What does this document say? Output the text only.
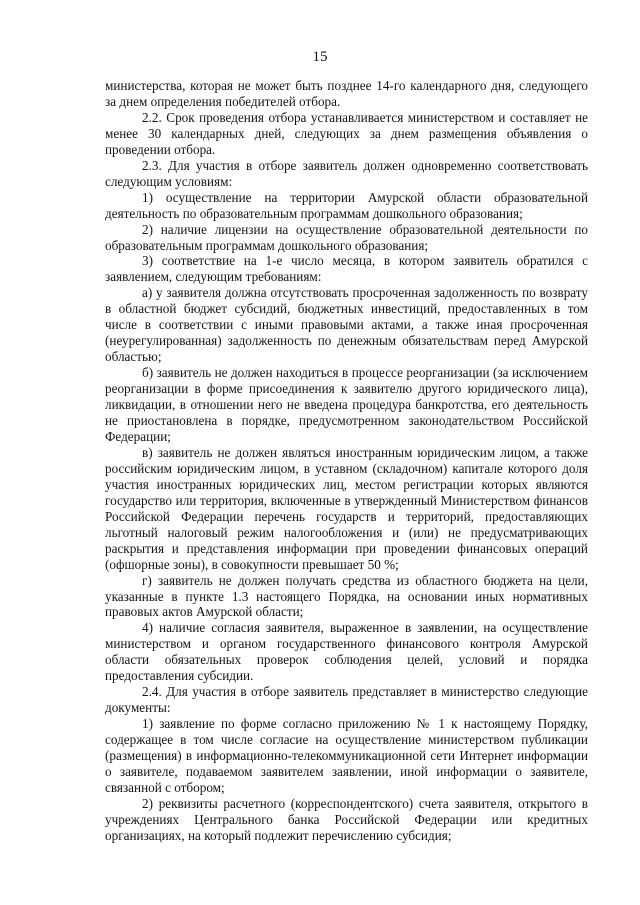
15

министерства, которая не может быть позднее 14-го календарного дня, следующего за днем определения победителей отбора.

2.2. Срок проведения отбора устанавливается министерством и составляет не менее 30 календарных дней, следующих за днем размещения объявления о проведении отбора.

2.3. Для участия в отборе заявитель должен одновременно соответствовать следующим условиям:

1) осуществление на территории Амурской области образовательной деятельность по образовательным программам дошкольного образования;

2) наличие лицензии на осуществление образовательной деятельности по образовательным программам дошкольного образования;

3) соответствие на 1-е число месяца, в котором заявитель обратился с заявлением, следующим требованиям:

а) у заявителя должна отсутствовать просроченная задолженность по возврату в областной бюджет субсидий, бюджетных инвестиций, предоставленных в том числе в соответствии с иными правовыми актами, а также иная просроченная (неурегулированная) задолженность по денежным обязательствам перед Амурской областью;

б) заявитель не должен находиться в процессе реорганизации (за исключением реорганизации в форме присоединения к заявителю другого юридического лица), ликвидации, в отношении него не введена процедура банкротства, его деятельность не приостановлена в порядке, предусмотренном законодательством Российской Федерации;

в) заявитель не должен являться иностранным юридическим лицом, а также российским юридическим лицом, в уставном (складочном) капитале которого доля участия иностранных юридических лиц, местом регистрации которых являются государство или территория, включенные в утвержденный Министерством финансов Российской Федерации перечень государств и территорий, предоставляющих льготный налоговый режим налогообложения и (или) не предусматривающих раскрытия и представления информации при проведении финансовых операций (офшорные зоны), в совокупности превышает 50 %;

г) заявитель не должен получать средства из областного бюджета на цели, указанные в пункте 1.3 настоящего Порядка, на основании иных нормативных правовых актов Амурской области;

4) наличие согласия заявителя, выраженное в заявлении, на осуществление министерством и органом государственного финансового контроля Амурской области обязательных проверок соблюдения целей, условий и порядка предоставления субсидии.

2.4. Для участия в отборе заявитель представляет в министерство следующие документы:

1) заявление по форме согласно приложению № 1 к настоящему Порядку, содержащее в том числе согласие на осуществление министерством публикации (размещения) в информационно-телекоммуникационной сети Интернет информации о заявителе, подаваемом заявителем заявлении, иной информации о заявителе, связанной с отбором;

2) реквизиты расчетного (корреспондентского) счета заявителя, открытого в учреждениях Центрального банка Российской Федерации или кредитных организациях, на который подлежит перечислению субсидия;
